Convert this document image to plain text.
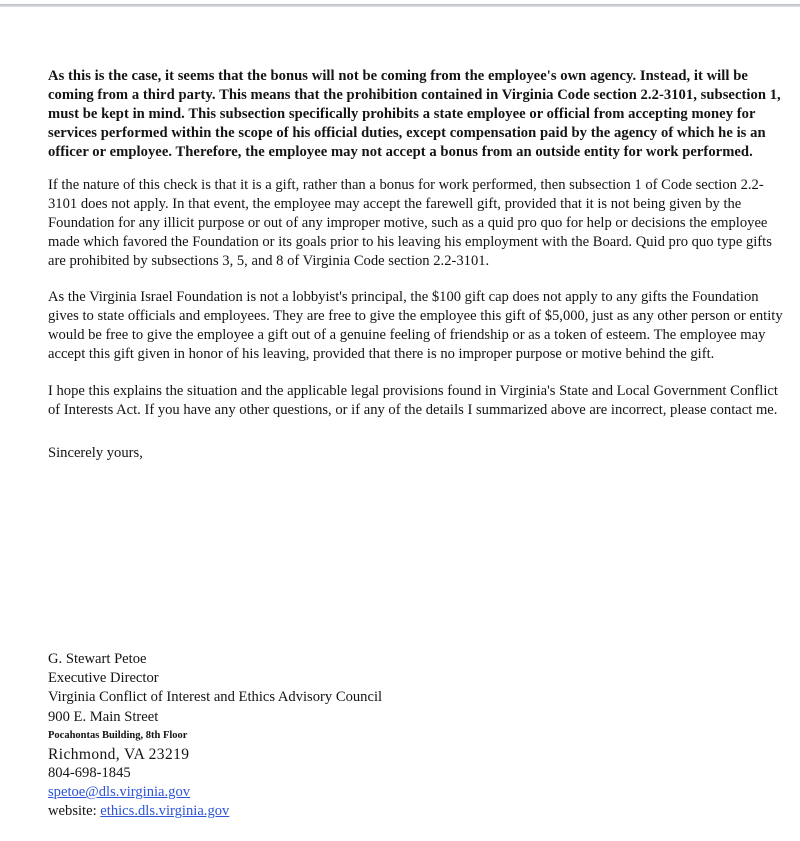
As this is the case, it seems that the bonus will not be coming from the employee's own agency. Instead, it will be coming from a third party. This means that the prohibition contained in Virginia Code section 2.2-3101, subsection 1, must be kept in mind. This subsection specifically prohibits a state employee or official from accepting money for services performed within the scope of his official duties, except compensation paid by the agency of which he is an officer or employee. Therefore, the employee may not accept a bonus from an outside entity for work performed.

If the nature of this check is that it is a gift, rather than a bonus for work performed, then subsection 1 of Code section 2.2-3101 does not apply. In that event, the employee may accept the farewell gift, provided that it is not being given by the Foundation for any illicit purpose or out of any improper motive, such as a quid pro quo for help or decisions the employee made which favored the Foundation or its goals prior to his leaving his employment with the Board. Quid pro quo type gifts are prohibited by subsections 3, 5, and 8 of Virginia Code section 2.2-3101.

As the Virginia Israel Foundation is not a lobbyist's principal, the $100 gift cap does not apply to any gifts the Foundation gives to state officials and employees. They are free to give the employee this gift of $5,000, just as any other person or entity would be free to give the employee a gift out of a genuine feeling of friendship or as a token of esteem. The employee may accept this gift given in honor of his leaving, provided that there is no improper purpose or motive behind the gift.

I hope this explains the situation and the applicable legal provisions found in Virginia's State and Local Government Conflict of Interests Act. If you have any other questions, or if any of the details I summarized above are incorrect, please contact me.

Sincerely yours,

G. Stewart Petoe
Executive Director
Virginia Conflict of Interest and Ethics Advisory Council
900 E. Main Street
Pocahontas Building, 8th Floor
Richmond, VA 23219
804-698-1845
spetoe@dls.virginia.gov
website: ethics.dls.virginia.gov
